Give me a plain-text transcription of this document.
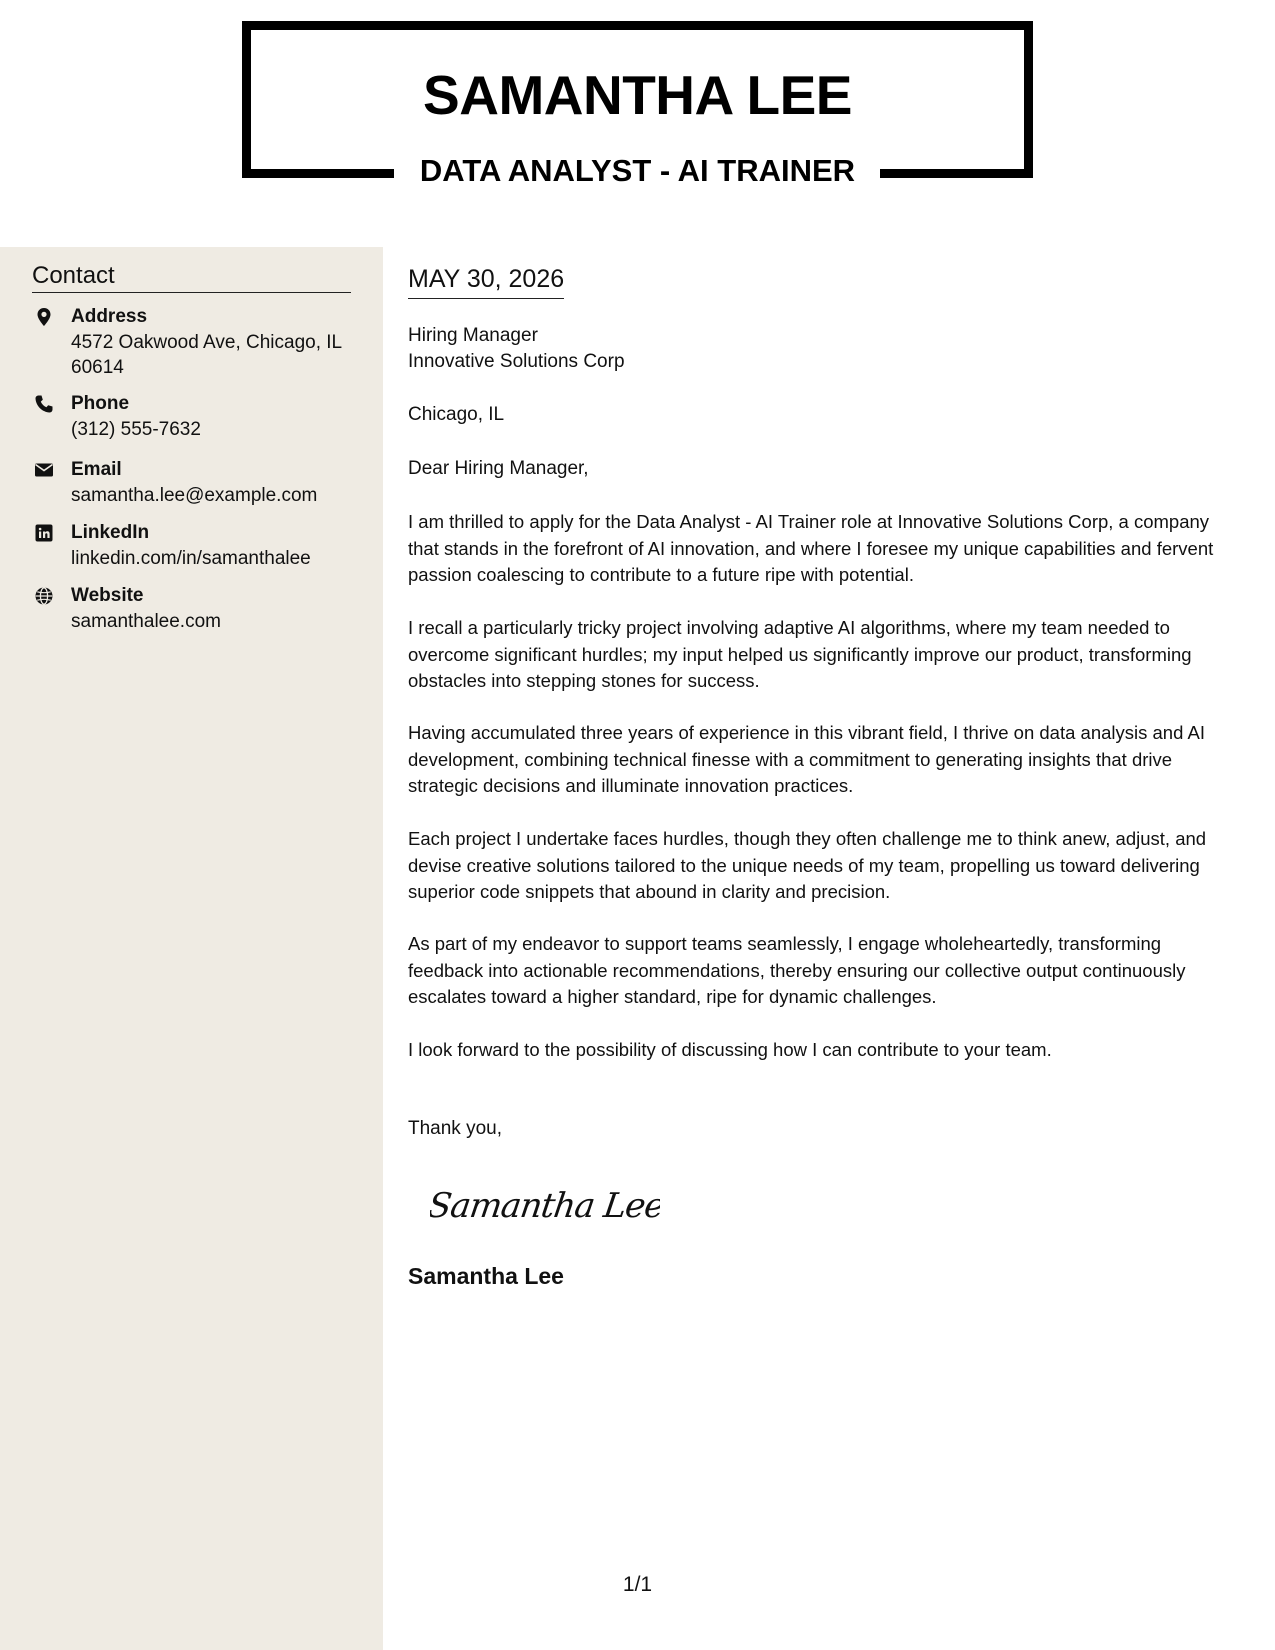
SAMANTHA LEE
DATA ANALYST - AI TRAINER
Contact
Address
4572 Oakwood Ave, Chicago, IL 60614
Phone
(312) 555-7632
Email
samantha.lee@example.com
LinkedIn
linkedin.com/in/samanthalee
Website
samanthalee.com
MAY 30, 2026
Hiring Manager
Innovative Solutions Corp
Chicago, IL
Dear Hiring Manager,
I am thrilled to apply for the Data Analyst - AI Trainer role at Innovative Solutions Corp, a company that stands in the forefront of AI innovation, and where I foresee my unique capabilities and fervent passion coalescing to contribute to a future ripe with potential.
I recall a particularly tricky project involving adaptive AI algorithms, where my team needed to overcome significant hurdles; my input helped us significantly improve our product, transforming obstacles into stepping stones for success.
Having accumulated three years of experience in this vibrant field, I thrive on data analysis and AI development, combining technical finesse with a commitment to generating insights that drive strategic decisions and illuminate innovation practices.
Each project I undertake faces hurdles, though they often challenge me to think anew, adjust, and devise creative solutions tailored to the unique needs of my team, propelling us toward delivering superior code snippets that abound in clarity and precision.
As part of my endeavor to support teams seamlessly, I engage wholeheartedly, transforming feedback into actionable recommendations, thereby ensuring our collective output continuously escalates toward a higher standard, ripe for dynamic challenges.
I look forward to the possibility of discussing how I can contribute to your team.
Thank you,
Samantha Lee
Samantha Lee
1/1
